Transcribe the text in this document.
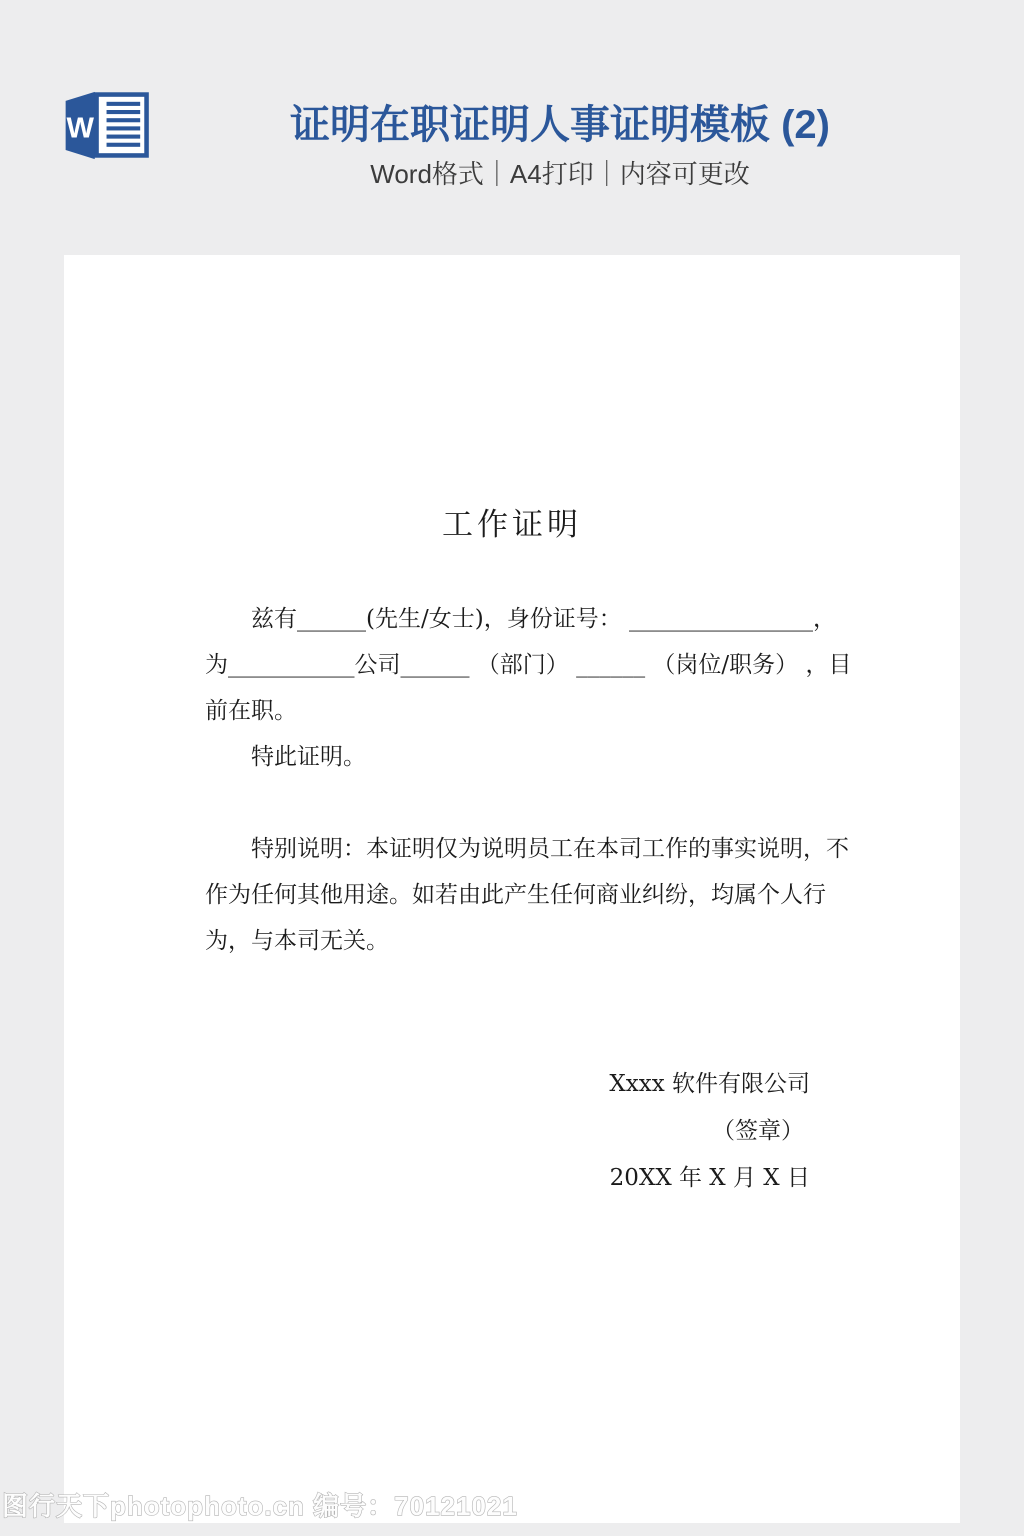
W	证明在职证明人事证明模板 (2)
Word格式｜A4打印｜内容可更改
工作证明
兹有______(先生/女士)，身份证号： ________________，
为___________公司______ （部门） ______ （岗位/职务） ，目
前在职。
特此证明。

特别说明：本证明仅为说明员工在本司工作的事实说明，不
作为任何其他用途。如若由此产生任何商业纠纷，均属个人行
为，与本司无关。
Xxxx 软件有限公司
（签章）
20XX 年 X 月 X 日
图行天下photophoto.cn 编号：70121021
